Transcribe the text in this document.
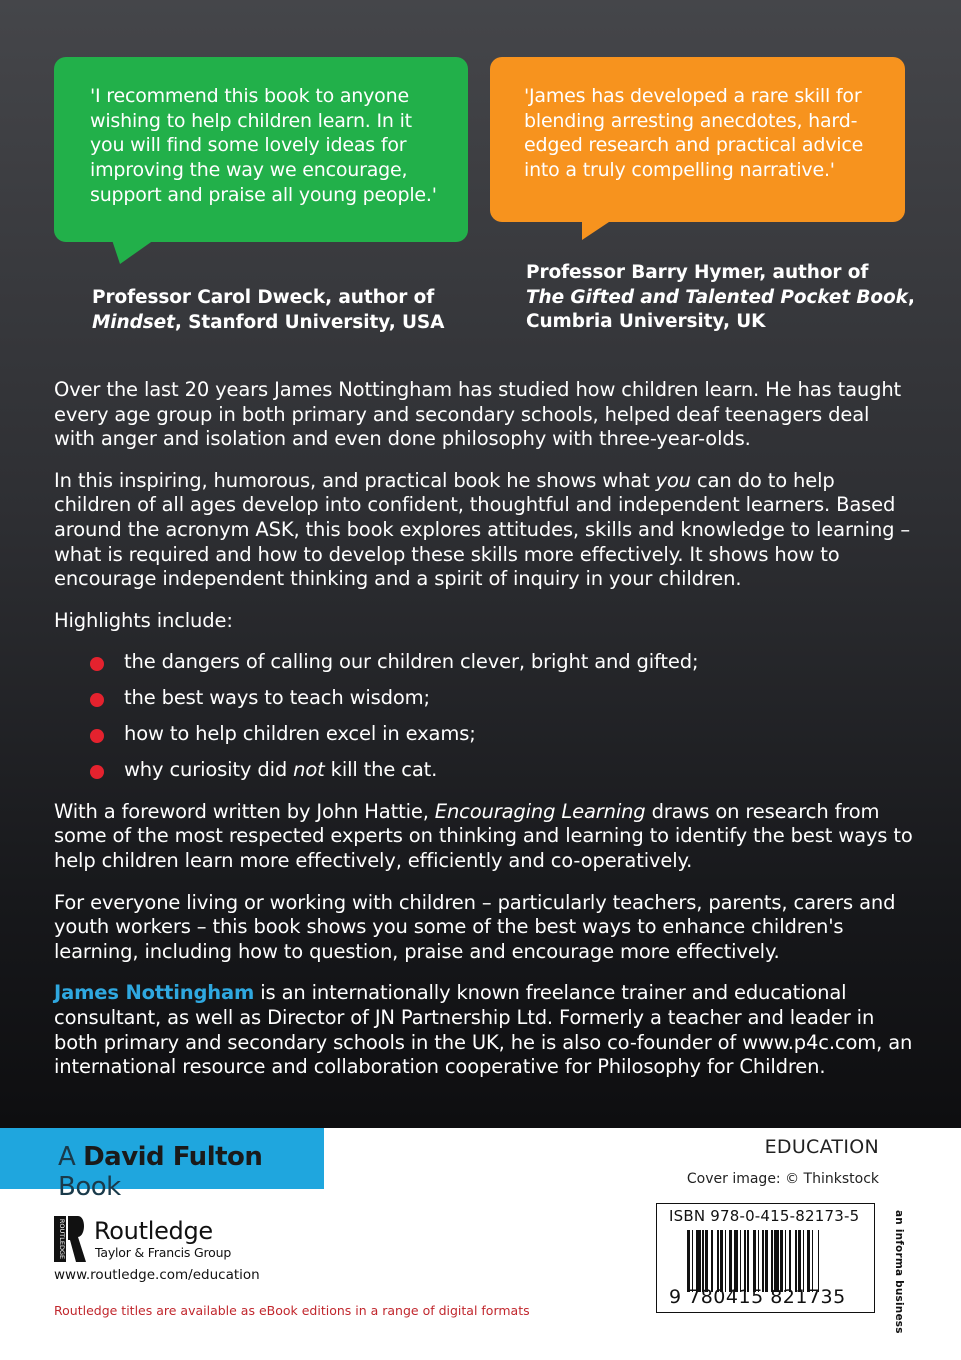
'I recommend this book to anyone wishing to help children learn. In it you will find some lovely ideas for improving the way we encourage, support and praise all young people.'

'James has developed a rare skill for blending arresting anecdotes, hard-edged research and practical advice into a truly compelling narrative.'

Professor Carol Dweck, author of
Mindset, Stanford University, USA
Professor Barry Hymer, author of
The Gifted and Talented Pocket Book,
Cumbria University, UK

Over the last 20 years James Nottingham has studied how children learn. He has taught every age group in both primary and secondary schools, helped deaf teenagers deal with anger and isolation and even done philosophy with three-year-olds.

In this inspiring, humorous, and practical book he shows what you can do to help children of all ages develop into confident, thoughtful and independent learners. Based around the acronym ASK, this book explores attitudes, skills and knowledge to learning – what is required and how to develop these skills more effectively. It shows how to encourage independent thinking and a spirit of inquiry in your children.

Highlights include:

the dangers of calling our children clever, bright and gifted;
the best ways to teach wisdom;
how to help children excel in exams;
why curiosity did not kill the cat.

With a foreword written by John Hattie, Encouraging Learning draws on research from some of the most respected experts on thinking and learning to identify the best ways to help children learn more effectively, efficiently and co-operatively.

For everyone living or working with children – particularly teachers, parents, carers and youth workers – this book shows you some of the best ways to enhance children's learning, including how to question, praise and encourage more effectively.

James Nottingham is an internationally known freelance trainer and educational consultant, as well as Director of JN Partnership Ltd. Formerly a teacher and leader in both primary and secondary schools in the UK, he is also co-founder of www.p4c.com, an international resource and collaboration cooperative for Philosophy for Children.

A David Fulton Book
EDUCATION
Cover image: © Thinkstock
ROUTLEDGE Routledge
Taylor & Francis Group
www.routledge.com/education
Routledge titles are available as eBook editions in a range of digital formats
ISBN 978-0-415-82173-5
9 780415 821735	an informa business
